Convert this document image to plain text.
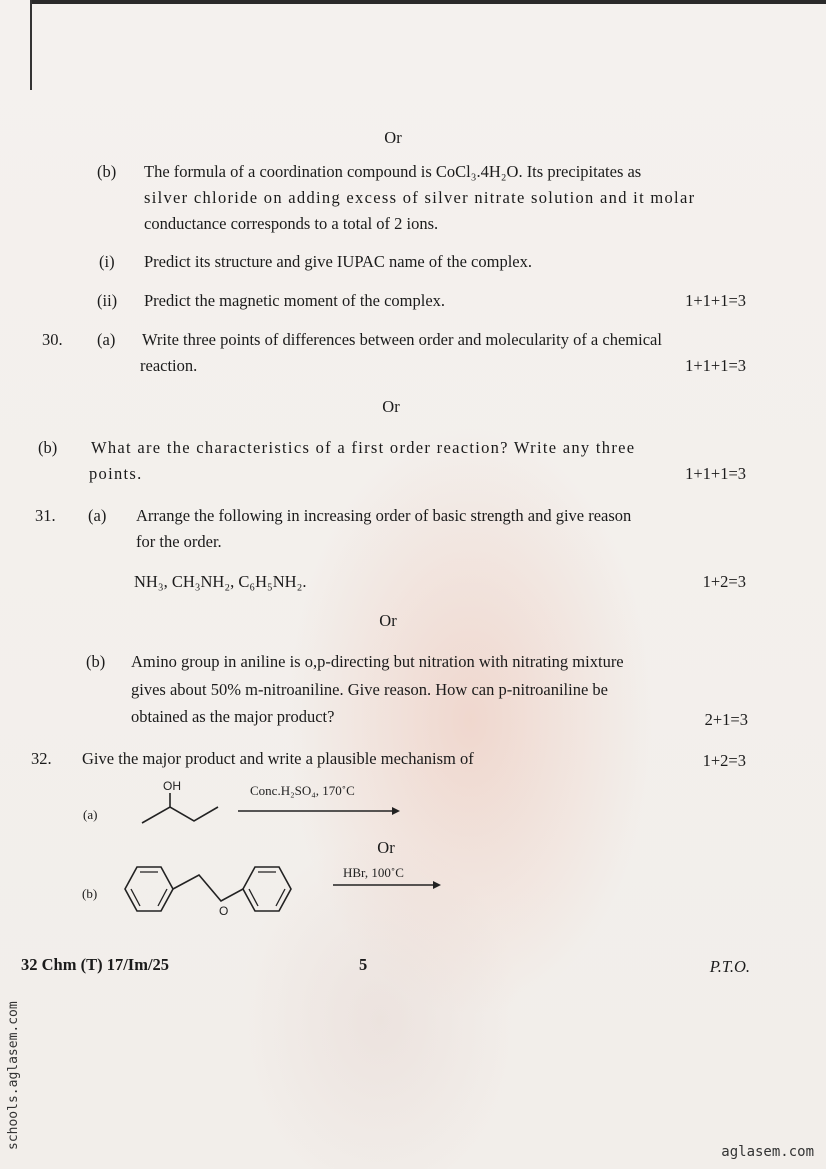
Or
(b) The formula of a coordination compound is CoCl₃.4H₂O. Its precipitates as
silver chloride on adding excess of silver nitrate solution and it molar
conductance corresponds to a total of 2 ions.
(i) Predict its structure and give IUPAC name of the complex.
(ii) Predict the magnetic moment of the complex.	1+1+1=3
30. (a) Write three points of differences between order and molecularity of a chemical
reaction.	1+1+1=3
Or
(b) What are the characteristics of a first order reaction? Write any three
points.	1+1+1=3
31. (a) Arrange the following in increasing order of basic strength and give reason
for the order.
NH₃, CH₃NH₂, C₆H₅NH₂.	1+2=3
Or
(b) Amino group in aniline is o,p-directing but nitration with nitrating mixture
gives about 50% m-nitroaniline. Give reason. How can p-nitroaniline be
obtained as the major product?	2+1=3
32. Give the major product and write a plausible mechanism of	1+2=3
(a)
Or
(b)
OH	Conc.H₂SO₄, 170˚C
O
HBr, 100˚C
32 Chm (T) 17/Im/25	5	P.T.O.
schools.aglasem.com
aglasem.com
